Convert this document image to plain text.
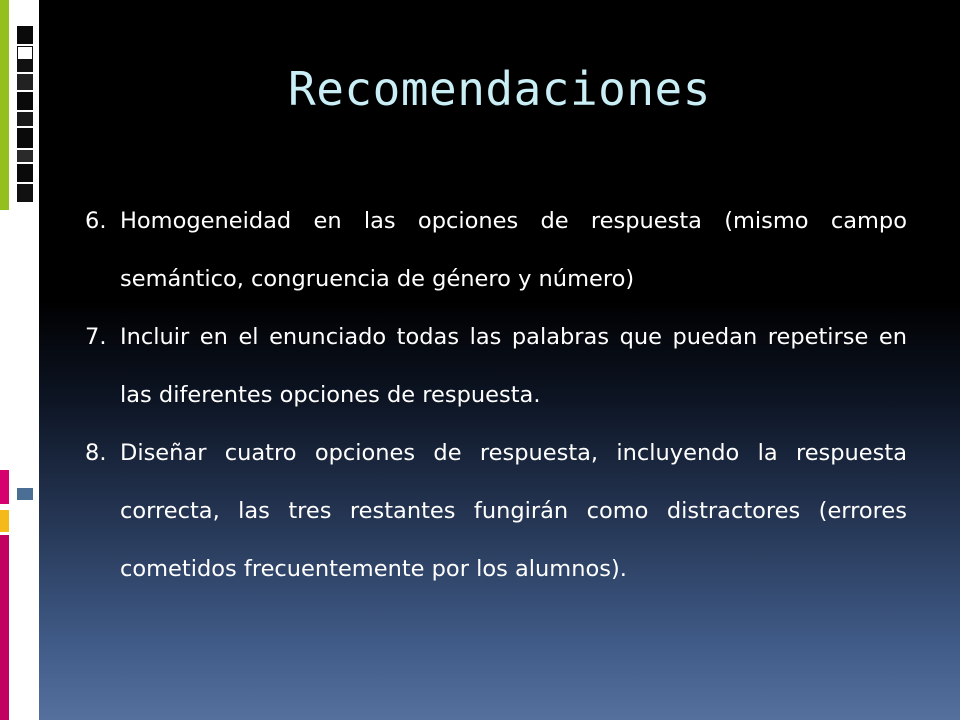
Recomendaciones
6. Homogeneidad en las opciones de respuesta (mismo campo semántico, congruencia de género y número)
7. Incluir en el enunciado todas las palabras que puedan repetirse en las diferentes opciones de respuesta.
8. Diseñar cuatro opciones de respuesta, incluyendo la respuesta correcta, las tres restantes fungirán como distractores (errores cometidos frecuentemente por los alumnos).
